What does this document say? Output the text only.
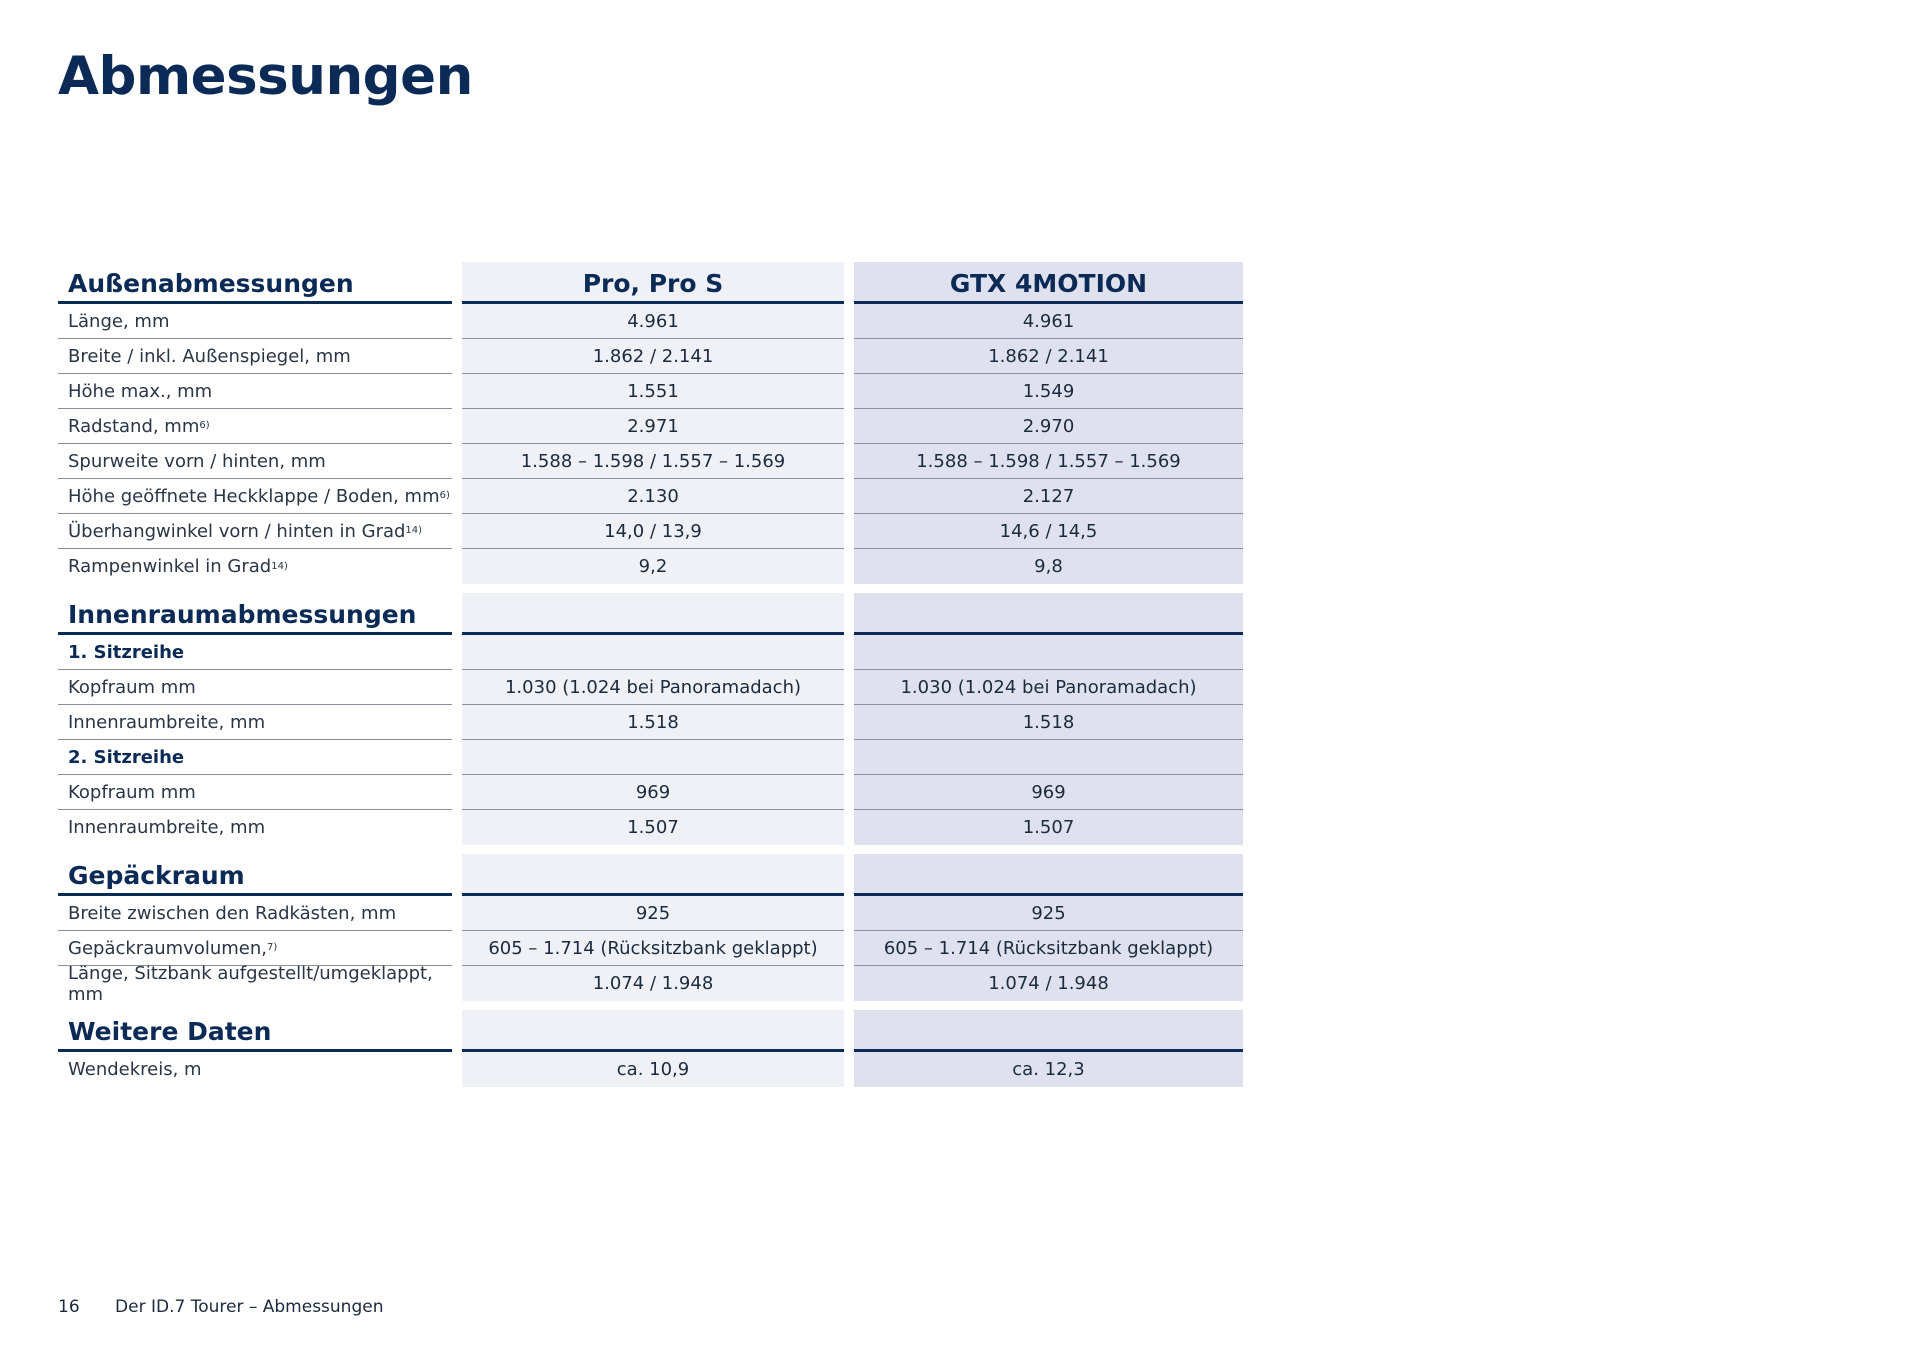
Abmessungen
Außenabmessungen	Pro, Pro S	GTX 4MOTION
Länge, mm	4.961	4.961
Breite / inkl. Außenspiegel, mm	1.862 / 2.141	1.862 / 2.141
Höhe max., mm	1.551	1.549
Radstand, mm 6)	2.971	2.970
Spurweite vorn / hinten, mm	1.588 – 1.598 / 1.557 – 1.569	1.588 – 1.598 / 1.557 – 1.569
Höhe geöffnete Heckklappe / Boden, mm 6)	2.130	2.127
Überhangwinkel vorn / hinten in Grad 14)	14,0 / 13,9	14,6 / 14,5
Rampenwinkel in Grad 14)	9,2	9,8
Innenraumabmessungen
1. Sitzreihe
Kopfraum mm	1.030 (1.024 bei Panoramadach)	1.030 (1.024 bei Panoramadach)
Innenraumbreite, mm	1.518	1.518
2. Sitzreihe
Kopfraum mm	969	969
Innenraumbreite, mm	1.507	1.507
Gepäckraum
Breite zwischen den Radkästen, mm	925	925
Gepäckraumvolumen, 7)	605 – 1.714 (Rücksitzbank geklappt)	605 – 1.714 (Rücksitzbank geklappt)
Länge, Sitzbank aufgestellt/umgeklappt, mm	1.074 / 1.948	1.074 / 1.948
Weitere Daten
Wendekreis, m	ca. 10,9	ca. 12,3
16 Der ID.7 Tourer – Abmessungen
